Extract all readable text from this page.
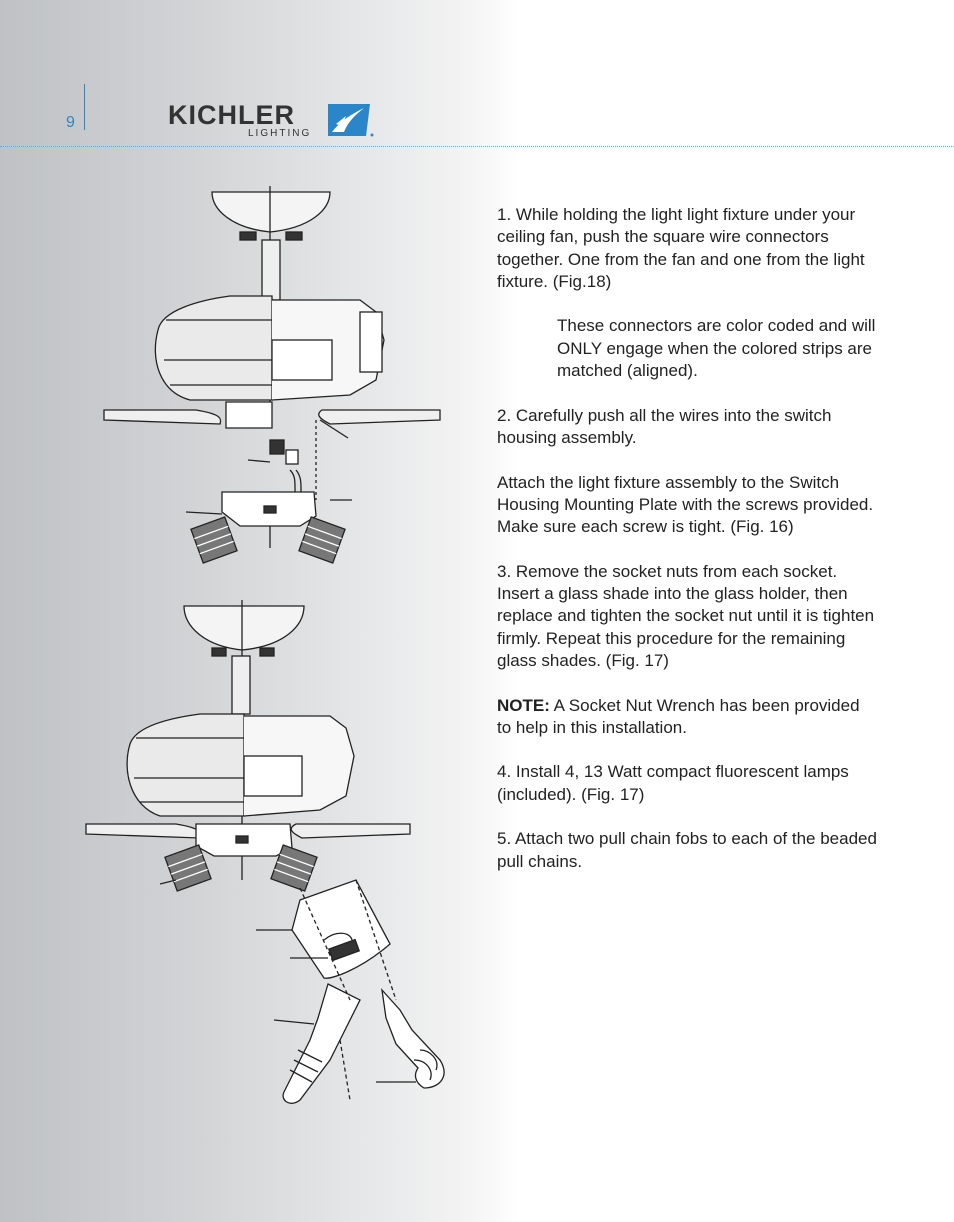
9	KICHLER
LIGHTING

1. While holding the light light fixture under your ceiling fan, push the square wire connectors together. One from the fan and one from the light fixture. (Fig.18)

These connectors are color coded and will ONLY engage when the colored strips are matched (aligned).

2. Carefully push all the wires into the switch housing assembly.

Attach the light fixture assembly to the Switch Housing Mounting Plate with the screws provided. Make sure each screw is tight. (Fig. 16)

3. Remove the socket nuts from each socket. Insert a glass shade into the glass holder, then replace and tighten the socket nut until it is tighten firmly. Repeat this procedure for the remaining glass shades. (Fig. 17)

NOTE: A Socket Nut Wrench has been provided to help in this installation.

4. Install 4, 13 Watt compact fluorescent lamps (included). (Fig. 17)

5. Attach two pull chain fobs to each of the beaded pull chains.
